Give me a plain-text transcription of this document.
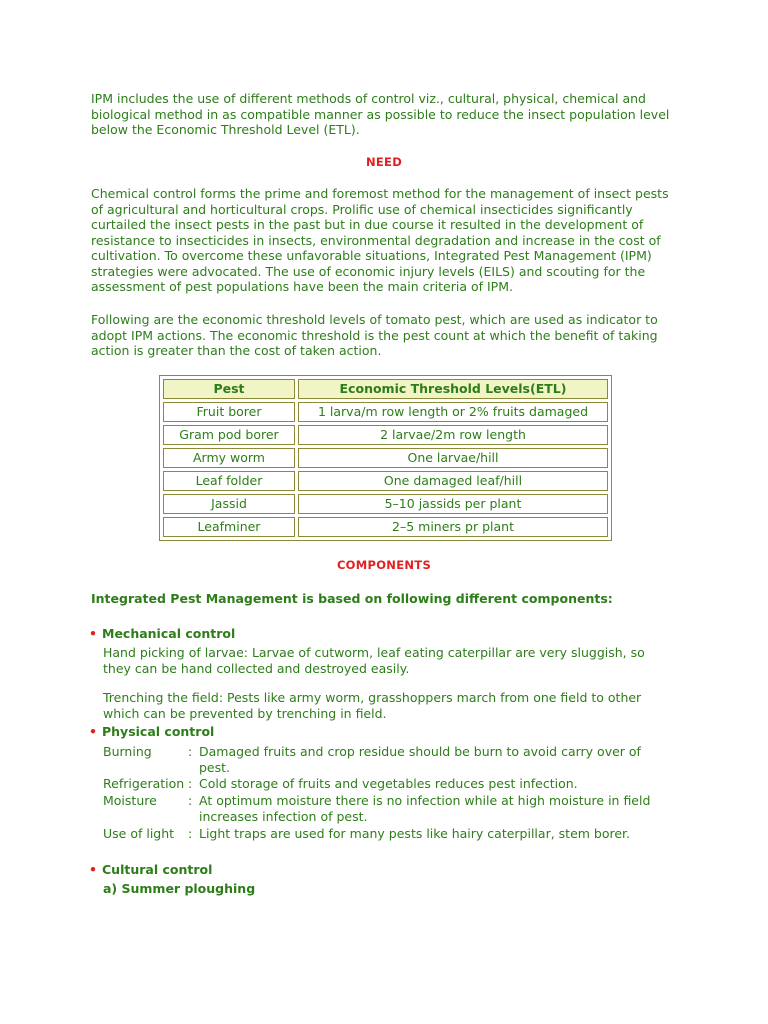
IPM includes the use of different methods of control viz., cultural, physical, chemical and biological method in as compatible manner as possible to reduce the insect population level below the Economic Threshold Level (ETL).

NEED

Chemical control forms the prime and foremost method for the management of insect pests of agricultural and horticultural crops. Prolific use of chemical insecticides significantly curtailed the insect pests in the past but in due course it resulted in the development of resistance to insecticides in insects, environmental degradation and increase in the cost of cultivation. To overcome these unfavorable situations, Integrated Pest Management (IPM) strategies were advocated. The use of economic injury levels (EILS) and scouting for the assessment of pest populations have been the main criteria of IPM.

Following are the economic threshold levels of tomato pest, which are used as indicator to adopt IPM actions. The economic threshold is the pest count at which the benefit of taking action is greater than the cost of taken action.

Pest	Economic Threshold Levels(ETL)
Fruit borer	1 larva/m row length or 2% fruits damaged
Gram pod borer	2 larvae/2m row length
Army worm	One larvae/hill
Leaf folder	One damaged leaf/hill
Jassid	5–10 jassids per plant
Leafminer	2–5 miners pr plant
COMPONENTS

Integrated Pest Management is based on following different components:

• Mechanical control

Hand picking of larvae: Larvae of cutworm, leaf eating caterpillar are very sluggish, so they can be hand collected and destroyed easily.

Trenching the field: Pests like army worm, grasshoppers march from one field to other which can be prevented by trenching in field.

• Physical control
Burning	: Damaged fruits and crop residue should be burn to avoid carry over of pest.
Refrigeration : Cold storage of fruits and vegetables reduces pest infection.
Moisture	: At optimum moisture there is no infection while at high moisture in field increases infection of pest.
Use of light	: Light traps are used for many pests like hairy caterpillar, stem borer.
• Cultural control
a) Summer ploughing
